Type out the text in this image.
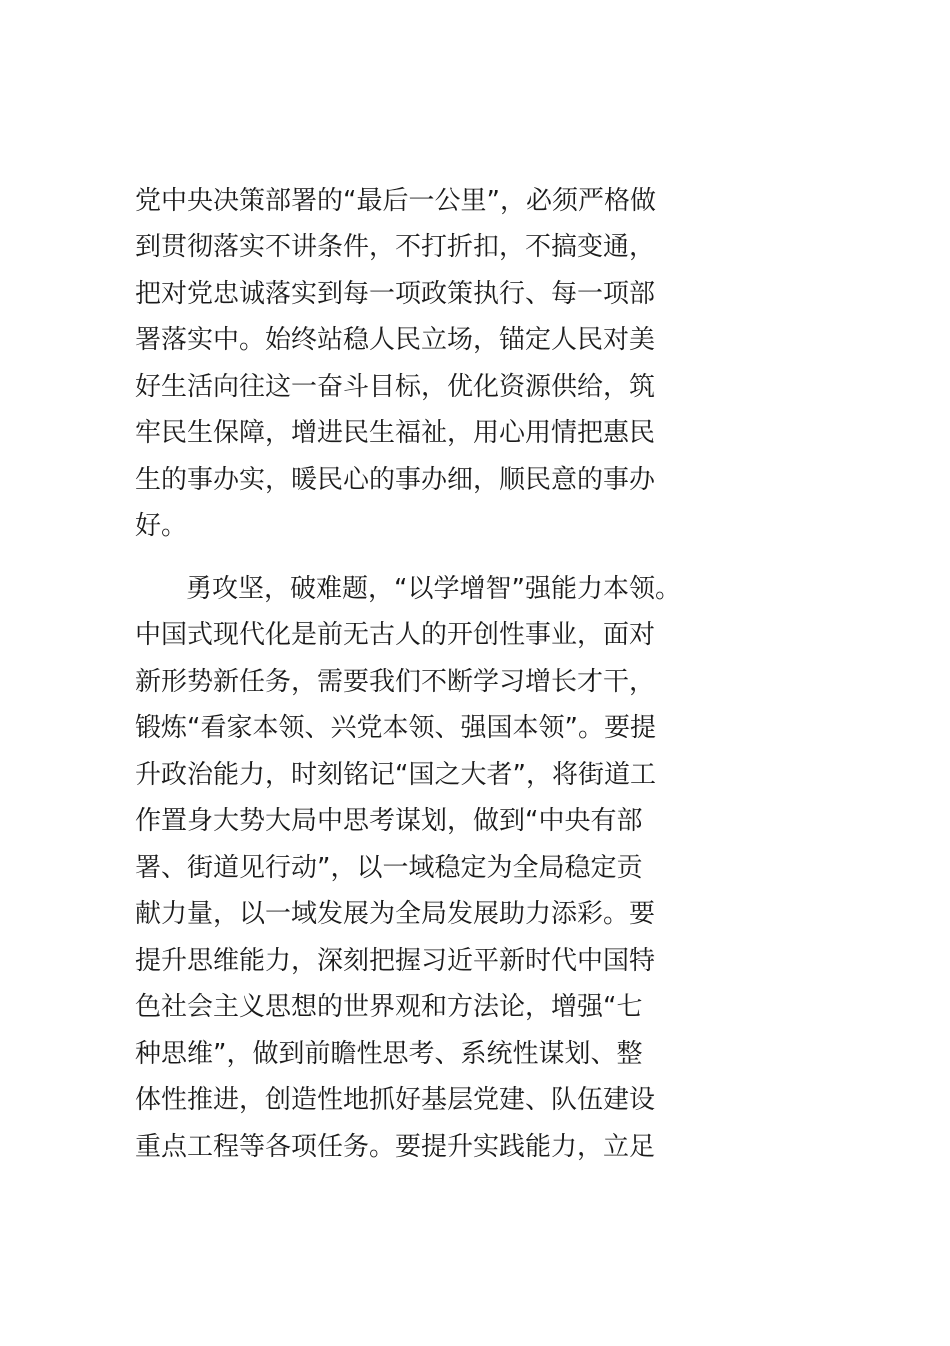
党中央决策部署的“最后一公里”，必须严格做
到贯彻落实不讲条件，不打折扣，不搞变通，
把对党忠诚落实到每一项政策执行、每一项部
署落实中。始终站稳人民立场，锚定人民对美
好生活向往这一奋斗目标，优化资源供给，筑
牢民生保障，增进民生福祉，用心用情把惠民
生的事办实，暖民心的事办细，顺民意的事办
好。
勇攻坚，破难题，“以学增智”强能力本领。
中国式现代化是前无古人的开创性事业，面对
新形势新任务，需要我们不断学习增长才干，
锻炼“看家本领、兴党本领、强国本领”。要提
升政治能力，时刻铭记“国之大者”，将街道工
作置身大势大局中思考谋划，做到“中央有部
署、街道见行动”，以一域稳定为全局稳定贡
献力量，以一域发展为全局发展助力添彩。要
提升思维能力，深刻把握习近平新时代中国特
色社会主义思想的世界观和方法论，增强“七
种思维”，做到前瞻性思考、系统性谋划、整
体性推进，创造性地抓好基层党建、队伍建设
重点工程等各项任务。要提升实践能力，立足
